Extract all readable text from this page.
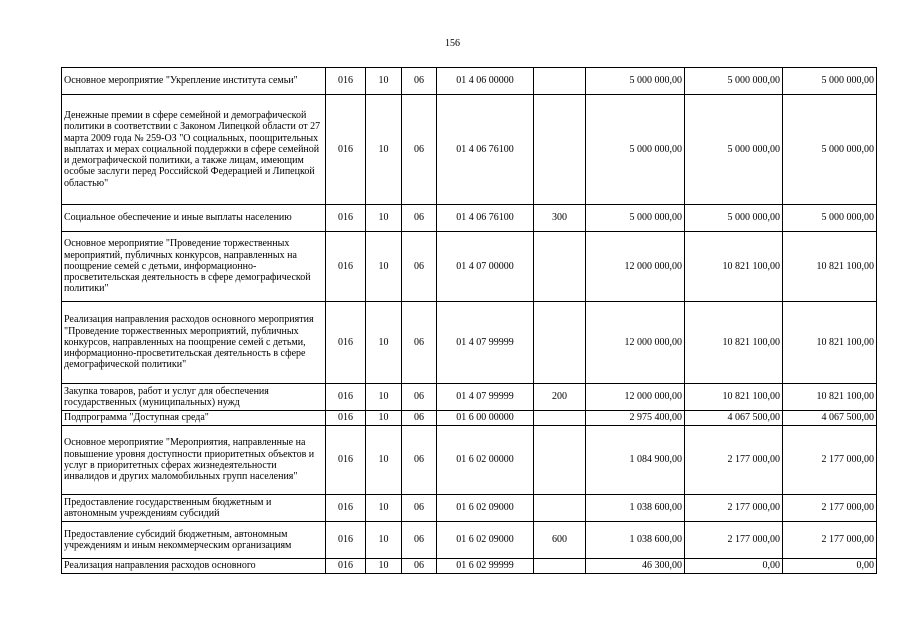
156
Основное мероприятие "Укрепление института семьи"	016	10	06	01 4 06 00000		5 000 000,00	5 000 000,00	5 000 000,00
Денежные премии в сфере семейной и демографической политики в соответствии с Законом Липецкой области от 27 марта 2009 года № 259-ОЗ "О социальных, поощрительных выплатах и мерах социальной поддержки в сфере семейной и демографической политики, а также лицам, имеющим особые заслуги перед Российской Федерацией и Липецкой областью"	016	10	06	01 4 06 76100		5 000 000,00	5 000 000,00	5 000 000,00
Социальное обеспечение и иные выплаты населению	016	10	06	01 4 06 76100	300	5 000 000,00	5 000 000,00	5 000 000,00
Основное мероприятие "Проведение торжественных мероприятий, публичных конкурсов, направленных на поощрение семей с детьми, информационно-просветительская деятельность в сфере демографической политики"	016	10	06	01 4 07 00000		12 000 000,00	10 821 100,00	10 821 100,00
Реализация направления расходов основного мероприятия "Проведение торжественных мероприятий, публичных конкурсов, направленных на поощрение семей с детьми, информационно-просветительская деятельность в сфере демографической политики"	016	10	06	01 4 07 99999		12 000 000,00	10 821 100,00	10 821 100,00
Закупка товаров, работ и услуг для обеспечения государственных (муниципальных) нужд	016	10	06	01 4 07 99999	200	12 000 000,00	10 821 100,00	10 821 100,00
Подпрограмма "Доступная среда"	016	10	06	01 6 00 00000		2 975 400,00	4 067 500,00	4 067 500,00
Основное мероприятие "Мероприятия, направленные на повышение уровня доступности приоритетных объектов и услуг в приоритетных сферах жизнедеятельности инвалидов и других маломобильных групп населения"	016	10	06	01 6 02 00000		1 084 900,00	2 177 000,00	2 177 000,00
Предоставление государственным бюджетным и автономным учреждениям субсидий	016	10	06	01 6 02 09000		1 038 600,00	2 177 000,00	2 177 000,00
Предоставление субсидий бюджетным, автономным учреждениям и иным некоммерческим организациям	016	10	06	01 6 02 09000	600	1 038 600,00	2 177 000,00	2 177 000,00
Реализация направления расходов основного	016	10	06	01 6 02 99999		46 300,00	0,00	0,00
